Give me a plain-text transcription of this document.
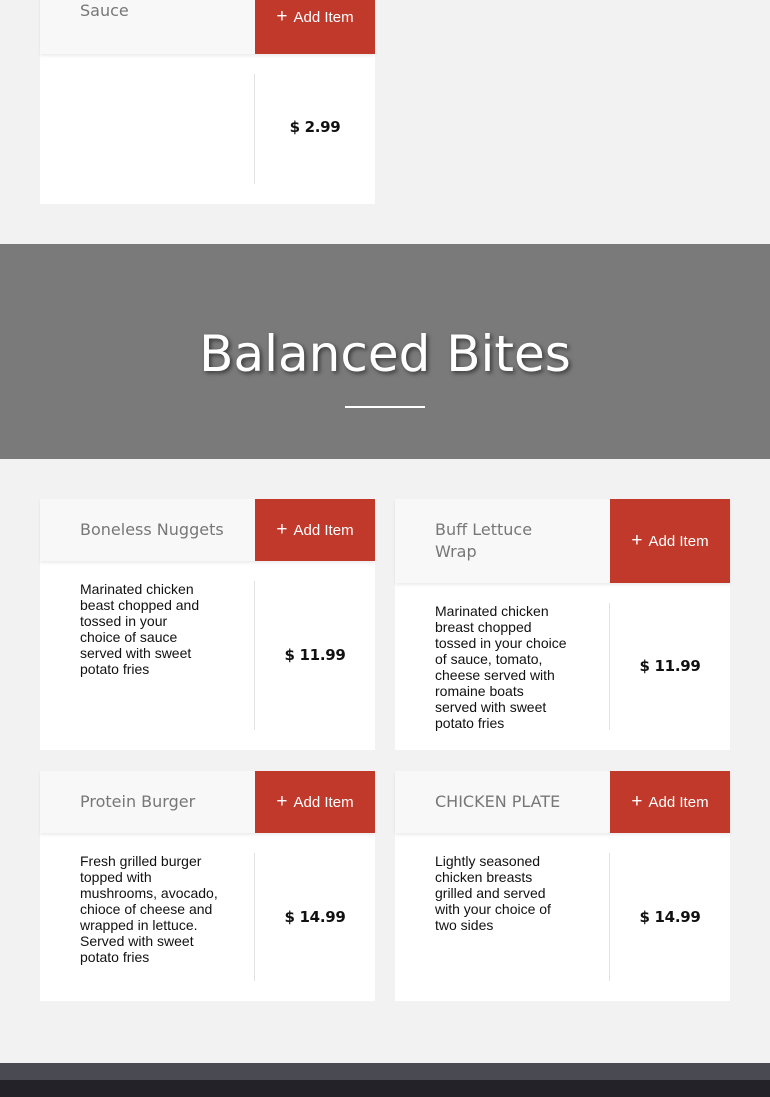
Sauce	+ Add Item
$ 2.99
Balanced Bites
Boneless Nuggets	+ Add Item
Marinated chicken beast chopped and tossed in your choice of sauce served with sweet potato fries
$ 11.99
Buff Lettuce Wrap
+ Add Item
Marinated chicken breast chopped tossed in your choice of sauce, tomato, cheese served with romaine boats served with sweet potato fries
$ 11.99
Protein Burger	+ Add Item
Fresh grilled burger topped with mushrooms, avocado, chioce of cheese and wrapped in lettuce. Served with sweet potato fries
$ 14.99
CHICKEN PLATE	+ Add Item
Lightly seasoned chicken breasts grilled and served with your choice of two sides	$ 14.99
